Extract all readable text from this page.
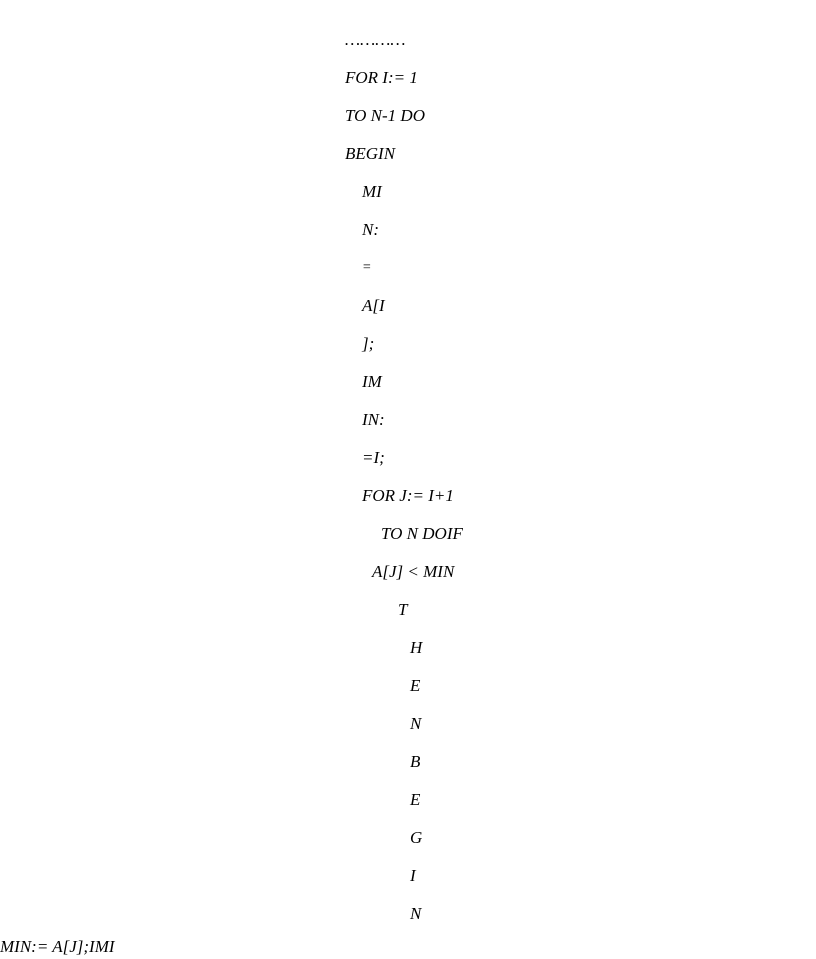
…………
FOR I:= 1
TO N-1 DO
BEGIN
MI
N:
=
A[I
];
IM
IN:
=I;
FOR J:= I+1
TO N DOIF
A[J] < MIN
T
H
E
N
B
E
G
I
N
MIN:= A[J];IMI
